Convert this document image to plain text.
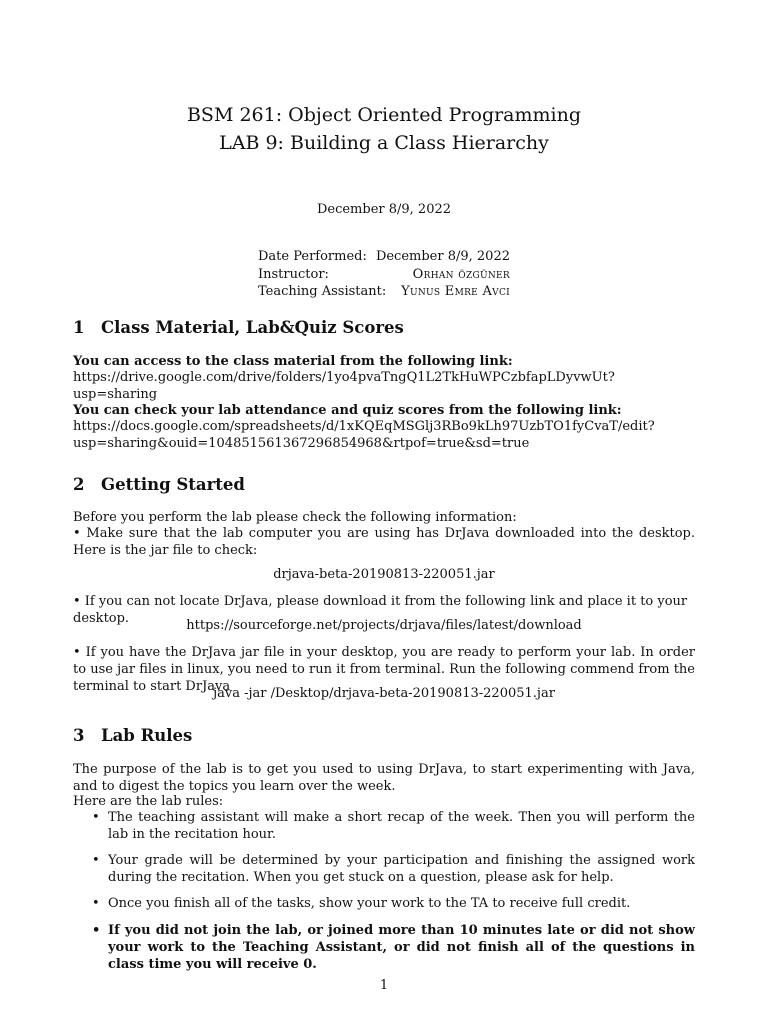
BSM 261: Object Oriented Programming
LAB 9: Building a Class Hierarchy
December 8/9, 2022
Date Performed: December 8/9, 2022
Instructor:	Orhan özgüner
Teaching Assistant: Yunus Emre Avci
1 Class Material, Lab&Quiz Scores
You can access to the class material from the following link:
https://drive.google.com/drive/folders/1yo4pvaTngQ1L2TkHuWPCzbfapLDyvwUt?usp=sharing
You can check your lab attendance and quiz scores from the following link:
https://docs.google.com/spreadsheets/d/1xKQEqMSGlj3RBo9kLh97UzbTO1fyCvaT/edit?
usp=sharing&ouid=104851561367296854968&rtpof=true&sd=true
2 Getting Started
Before you perform the lab please check the following information:
• Make sure that the lab computer you are using has DrJava downloaded into the desktop. Here is the jar file to check:
drjava-beta-20190813-220051.jar
• If you can not locate DrJava, please download it from the following link and place it to your desktop.	https://sourceforge.net/projects/drjava/files/latest/download
• If you have the DrJava jar file in your desktop, you are ready to perform your lab. In order to use jar files in linux, you need to run it from terminal. Run the following commend from the terminal to start DrJava
java -jar /Desktop/drjava-beta-20190813-220051.jar
3 Lab Rules
The purpose of the lab is to get you used to using DrJava, to start experimenting with Java, and to digest the topics you learn over the week.
Here are the lab rules:
• The teaching assistant will make a short recap of the week. Then you will perform the lab in the recitation hour.
• Your grade will be determined by your participation and finishing the assigned work during the recitation. When you get stuck on a question, please ask for help.
• Once you finish all of the tasks, show your work to the TA to receive full credit.
• If you did not join the lab, or joined more than 10 minutes late or did not show your work to the Teaching Assistant, or did not finish all of the questions in class time you will receive 0.
1
